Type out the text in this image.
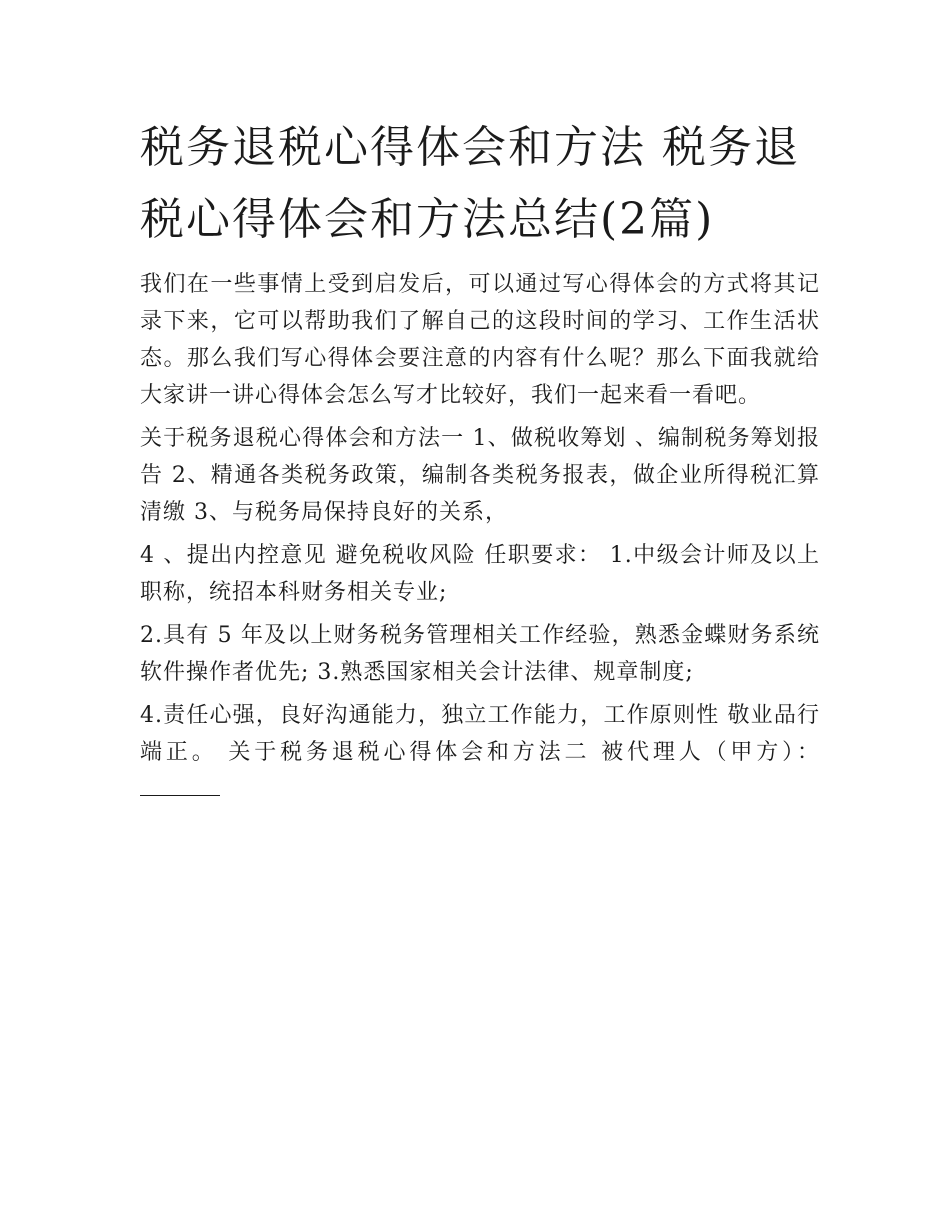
税务退税心得体会和方法 税务退税心得体会和方法总结(2篇)

我们在一些事情上受到启发后，可以通过写心得体会的方式将其记录下来，它可以帮助我们了解自己的这段时间的学习、工作生活状态。那么我们写心得体会要注意的内容有什么呢？那么下面我就给大家讲一讲心得体会怎么写才比较好，我们一起来看一看吧。

关于税务退税心得体会和方法一 1、做税收筹划 、编制税务筹划报告 2、精通各类税务政策，编制各类税务报表，做企业所得税汇算清缴 3、与税务局保持良好的关系，

4 、提出内控意见 避免税收风险 任职要求： 1.中级会计师及以上职称，统招本科财务相关专业;

2.具有 5 年及以上财务税务管理相关工作经验，熟悉金蝶财务系统软件操作者优先; 3.熟悉国家相关会计法律、规章制度;

4.责任心强，良好沟通能力，独立工作能力，工作原则性 敬业品行端正。 关于税务退税心得体会和方法二 被代理人（甲方）：
